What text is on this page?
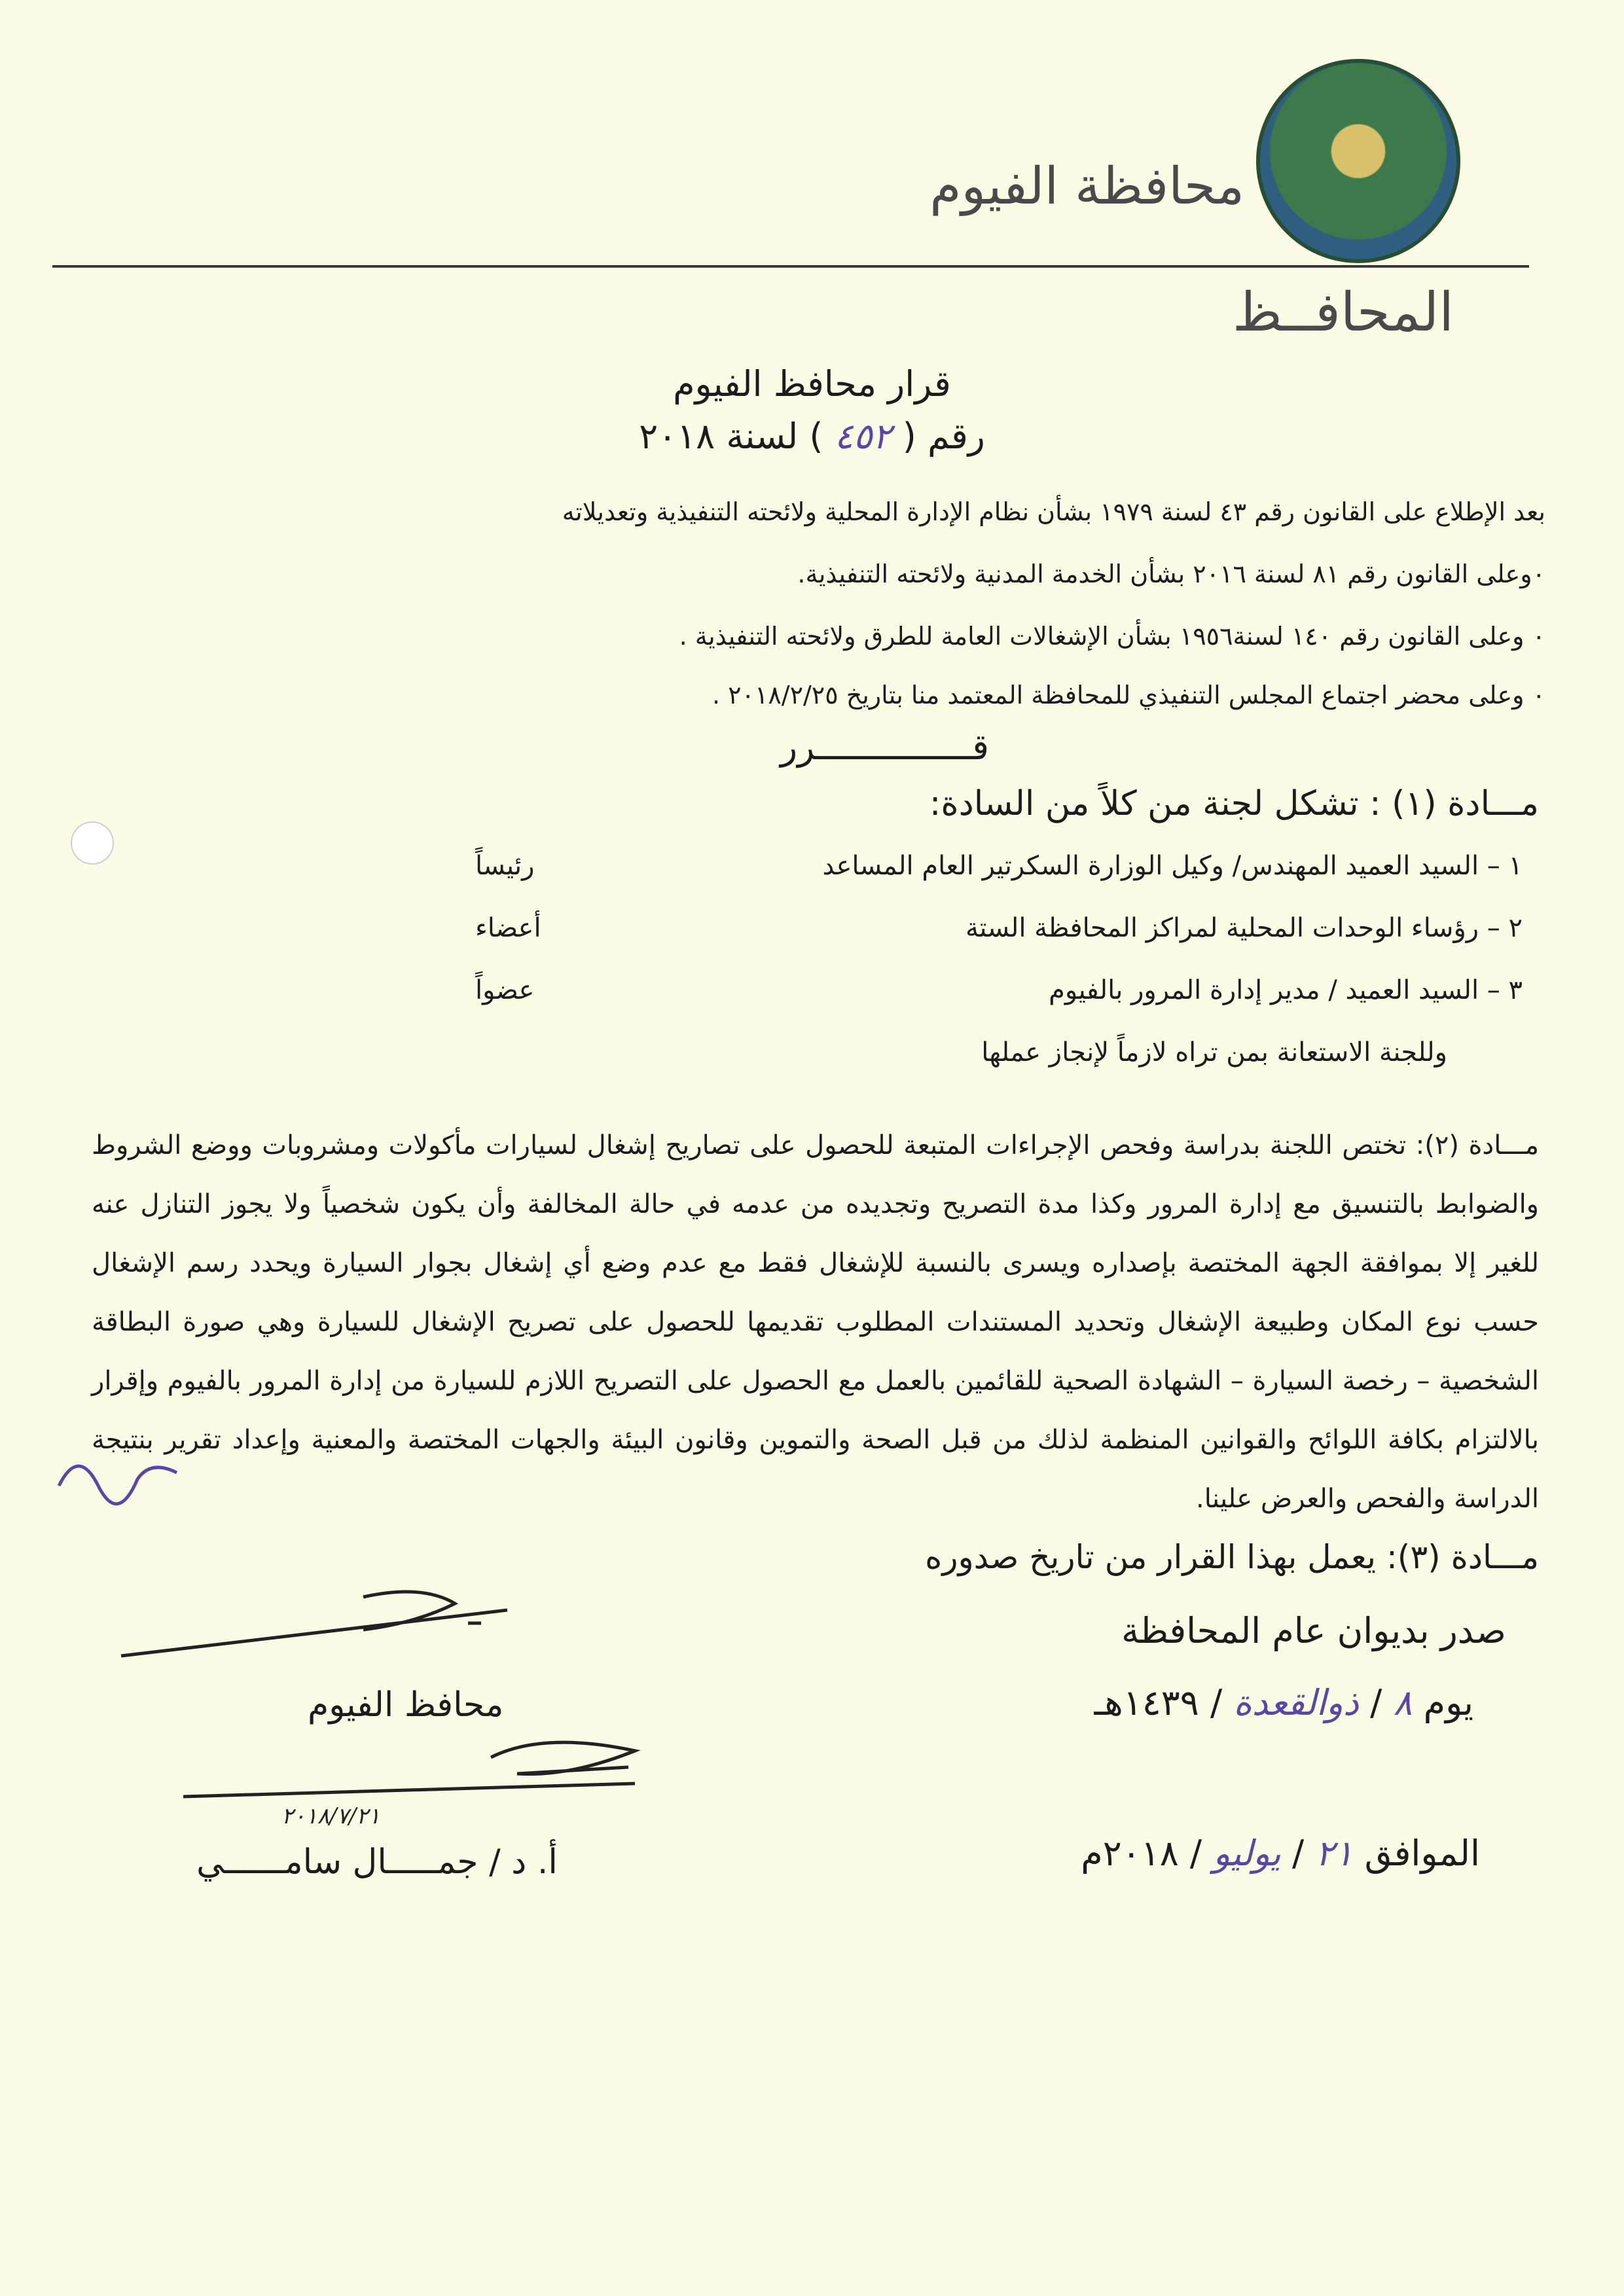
محافظة الفيوم
المحافــظ
قرار محافظ الفيوم
رقم ( ٤٥٢ ) لسنة ٢٠١٨
بعد الإطلاع على القانون رقم ٤٣ لسنة ١٩٧٩ بشأن نظام الإدارة المحلية ولائحته التنفيذية وتعديلاته
٠وعلى القانون رقم ٨١ لسنة ٢٠١٦ بشأن الخدمة المدنية ولائحته التنفيذية.
٠ وعلى القانون رقم ١٤٠ لسنة١٩٥٦ بشأن الإشغالات العامة للطرق ولائحته التنفيذية .
٠ وعلى محضر اجتماع المجلس التنفيذي للمحافظة المعتمد منا بتاريخ ٢٠١٨/٢/٢٥ .
قـــــــــــــــرر
مـــادة (١) : تشكل لجنة من كلاً من السادة:
١ – السيد العميد المهندس/ وكيل الوزارة السكرتير العام المساعد
رئيساً
٢ – رؤساء الوحدات المحلية لمراكز المحافظة الستة
أعضاء
٣ – السيد العميد / مدير إدارة المرور بالفيوم
عضواً
وللجنة الاستعانة بمن تراه لازماً لإنجاز عملها
مـــادة (٢): تختص اللجنة بدراسة وفحص الإجراءات المتبعة للحصول على تصاريح إشغال لسيارات مأكولات ومشروبات ووضع الشروط والضوابط بالتنسيق مع إدارة المرور وكذا مدة التصريح وتجديده من عدمه في حالة المخالفة وأن يكون شخصياً ولا يجوز التنازل عنه للغير إلا بموافقة الجهة المختصة بإصداره ويسرى بالنسبة للإشغال فقط مع عدم وضع أي إشغال بجوار السيارة ويحدد رسم الإشغال حسب نوع المكان وطبيعة الإشغال وتحديد المستندات المطلوب تقديمها للحصول على تصريح الإشغال للسيارة وهي صورة البطاقة الشخصية – رخصة السيارة – الشهادة الصحية للقائمين بالعمل مع الحصول على التصريح اللازم للسيارة من إدارة المرور بالفيوم وإقرار بالالتزام بكافة اللوائح والقوانين المنظمة لذلك من قبل الصحة والتموين وقانون البيئة والجهات المختصة والمعنية وإعداد تقرير بنتيجة الدراسة والفحص والعرض علينا.
مـــادة (٣): يعمل بهذا القرار من تاريخ صدوره
صدر بديوان عام المحافظة
يوم ٨ / ذوالقعدة / ١٤٣٩هـ
الموافق ٢١ / يوليو / ٢٠١٨م
محافظ الفيوم
٢٠١٨/٧/٢١
أ. د / جمـــــال سامــــــي
